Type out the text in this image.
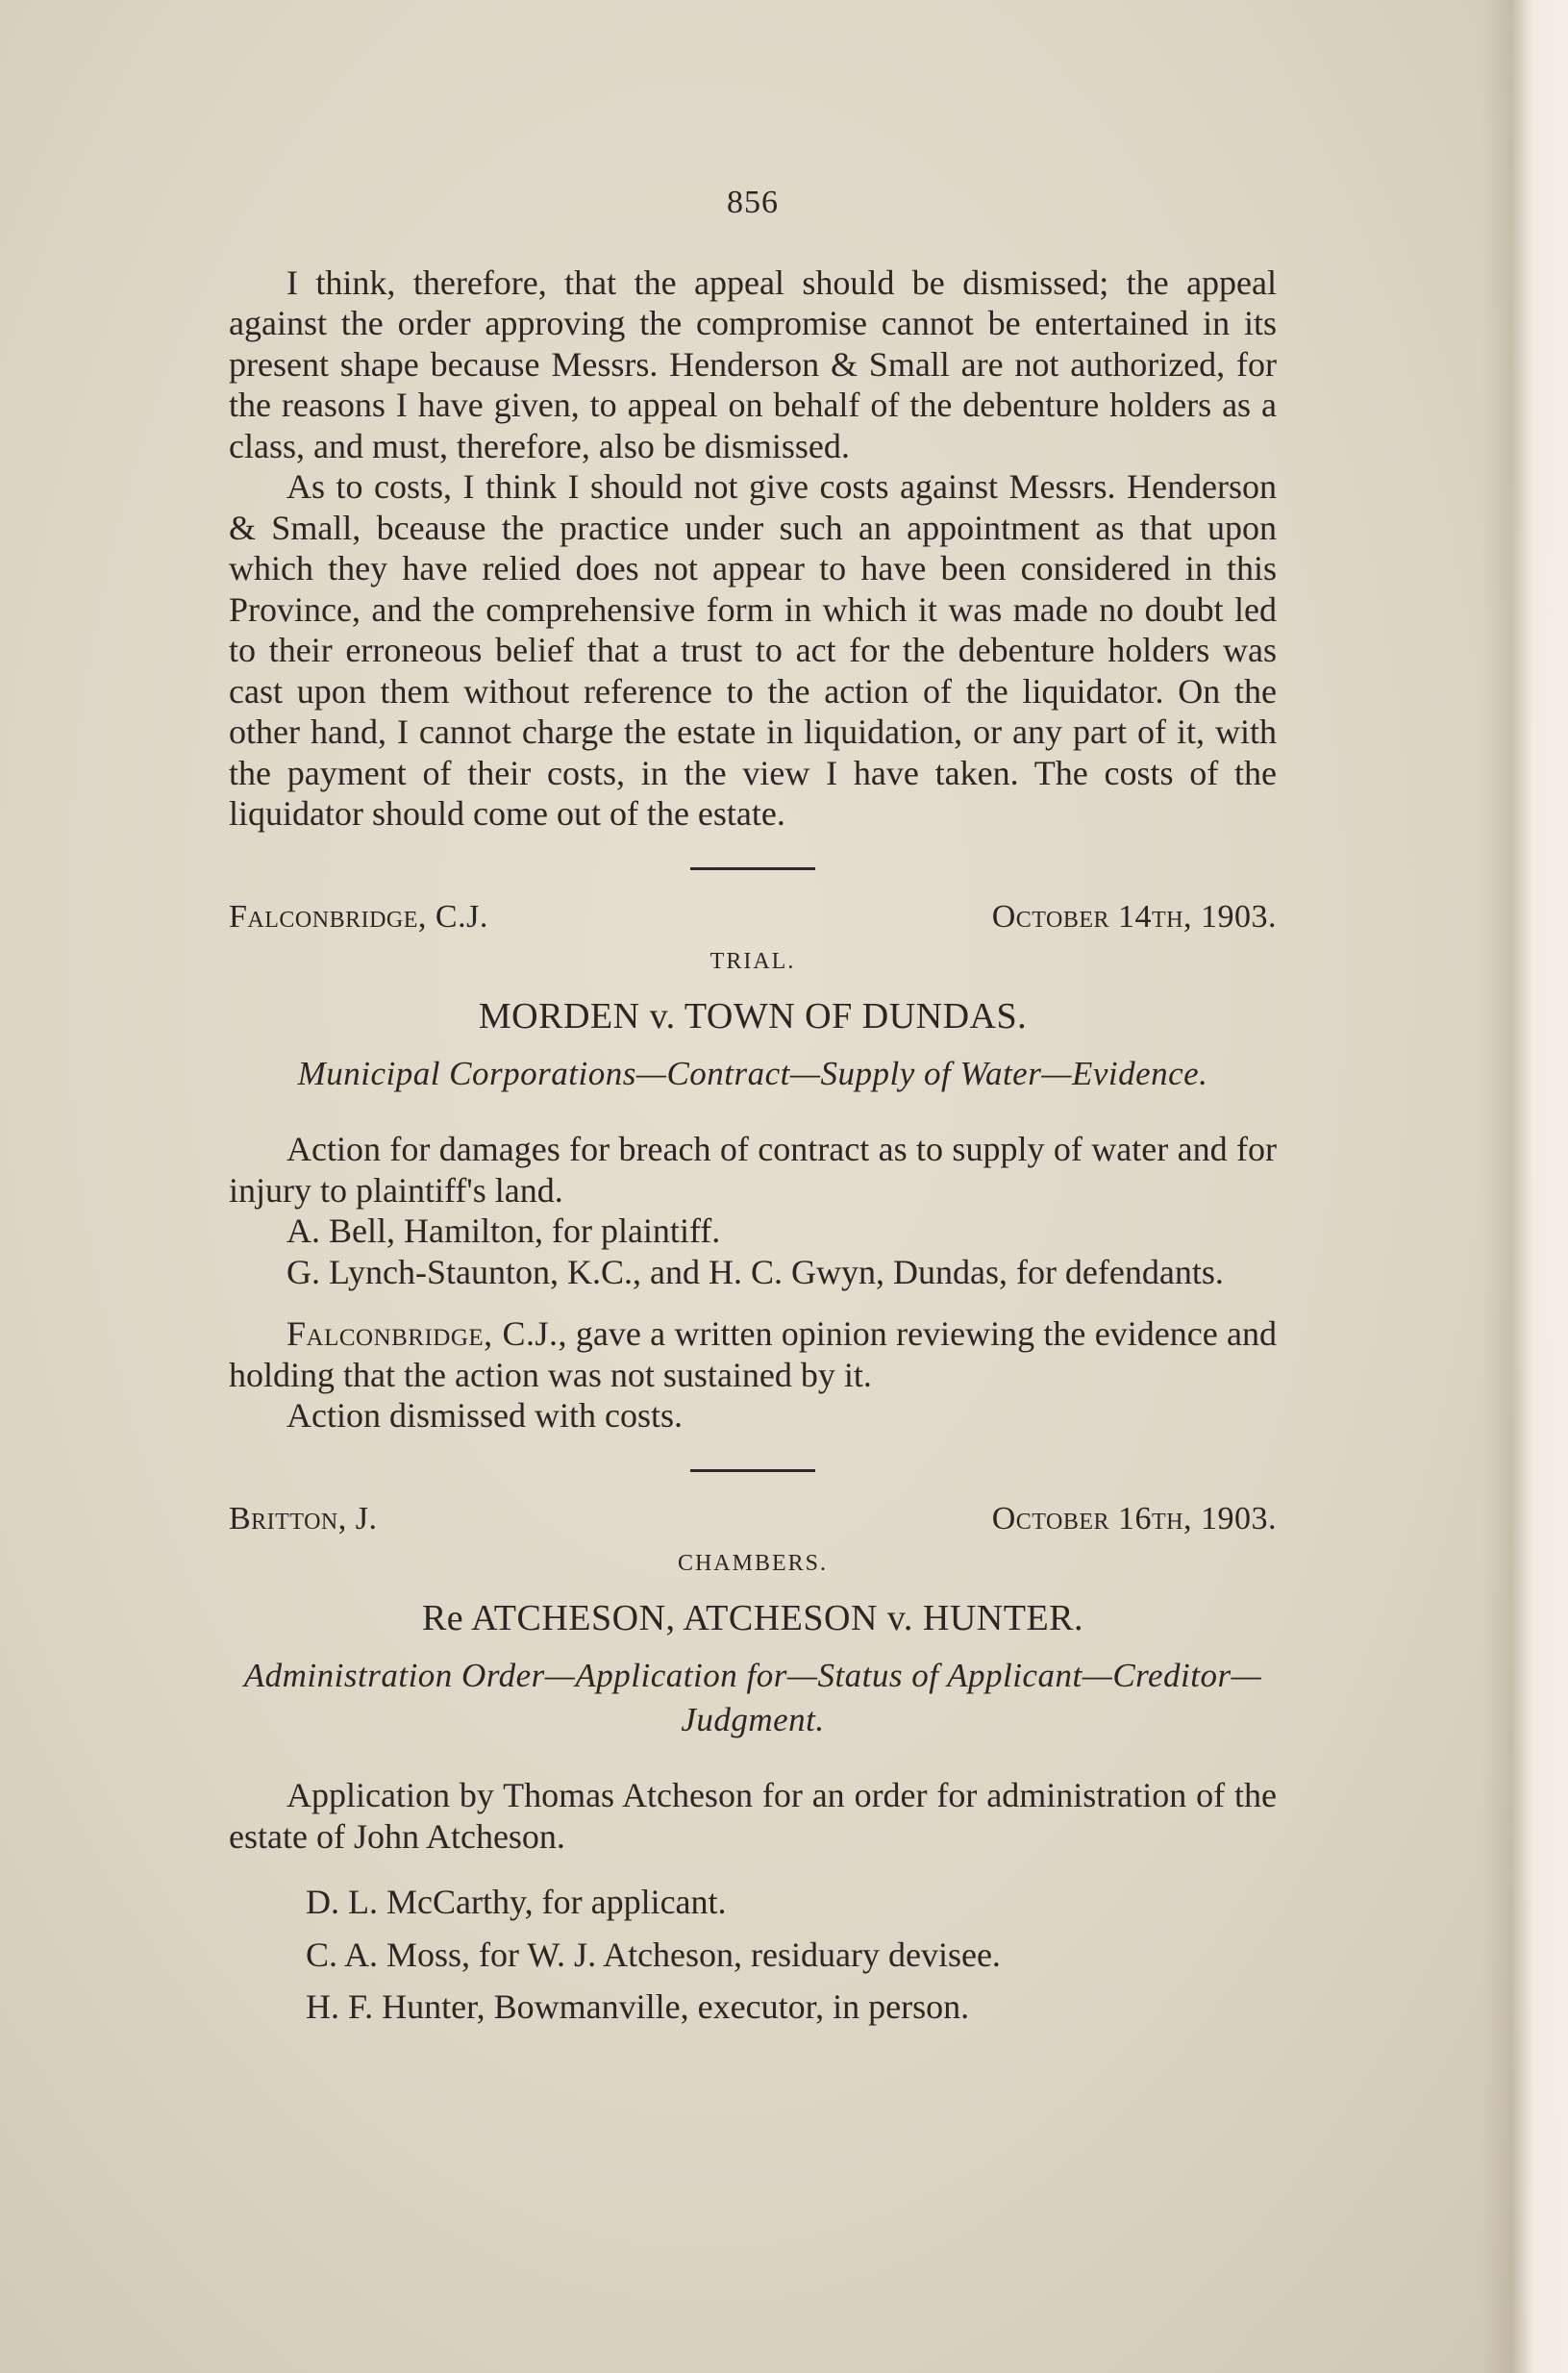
856

I think, therefore, that the appeal should be dismissed; the appeal against the order approving the compromise cannot be entertained in its present shape because Messrs. Henderson & Small are not authorized, for the reasons I have given, to appeal on behalf of the debenture holders as a class, and must, therefore, also be dismissed.

As to costs, I think I should not give costs against Messrs. Henderson & Small, bceause the practice under such an appointment as that upon which they have relied does not appear to have been considered in this Province, and the comprehensive form in which it was made no doubt led to their erroneous belief that a trust to act for the debenture holders was cast upon them without reference to the action of the liquidator. On the other hand, I cannot charge the estate in liquidation, or any part of it, with the payment of their costs, in the view I have taken. The costs of the liquidator should come out of the estate.

Falconbridge, C.J.	October 14th, 1903.
TRIAL.
MORDEN v. TOWN OF DUNDAS.
Municipal Corporations—Contract—Supply of Water—Evidence.

Action for damages for breach of contract as to supply of water and for injury to plaintiff's land.

A. Bell, Hamilton, for plaintiff.

G. Lynch-Staunton, K.C., and H. C. Gwyn, Dundas, for defendants.

Falconbridge, C.J., gave a written opinion reviewing the evidence and holding that the action was not sustained by it.

Action dismissed with costs.

Britton, J.	October 16th, 1903.
CHAMBERS.
Re ATCHESON, ATCHESON v. HUNTER.
Administration Order—Application for—Status of Applicant—Creditor—Judgment.

Application by Thomas Atcheson for an order for administration of the estate of John Atcheson.

D. L. McCarthy, for applicant.

C. A. Moss, for W. J. Atcheson, residuary devisee.

H. F. Hunter, Bowmanville, executor, in person.
